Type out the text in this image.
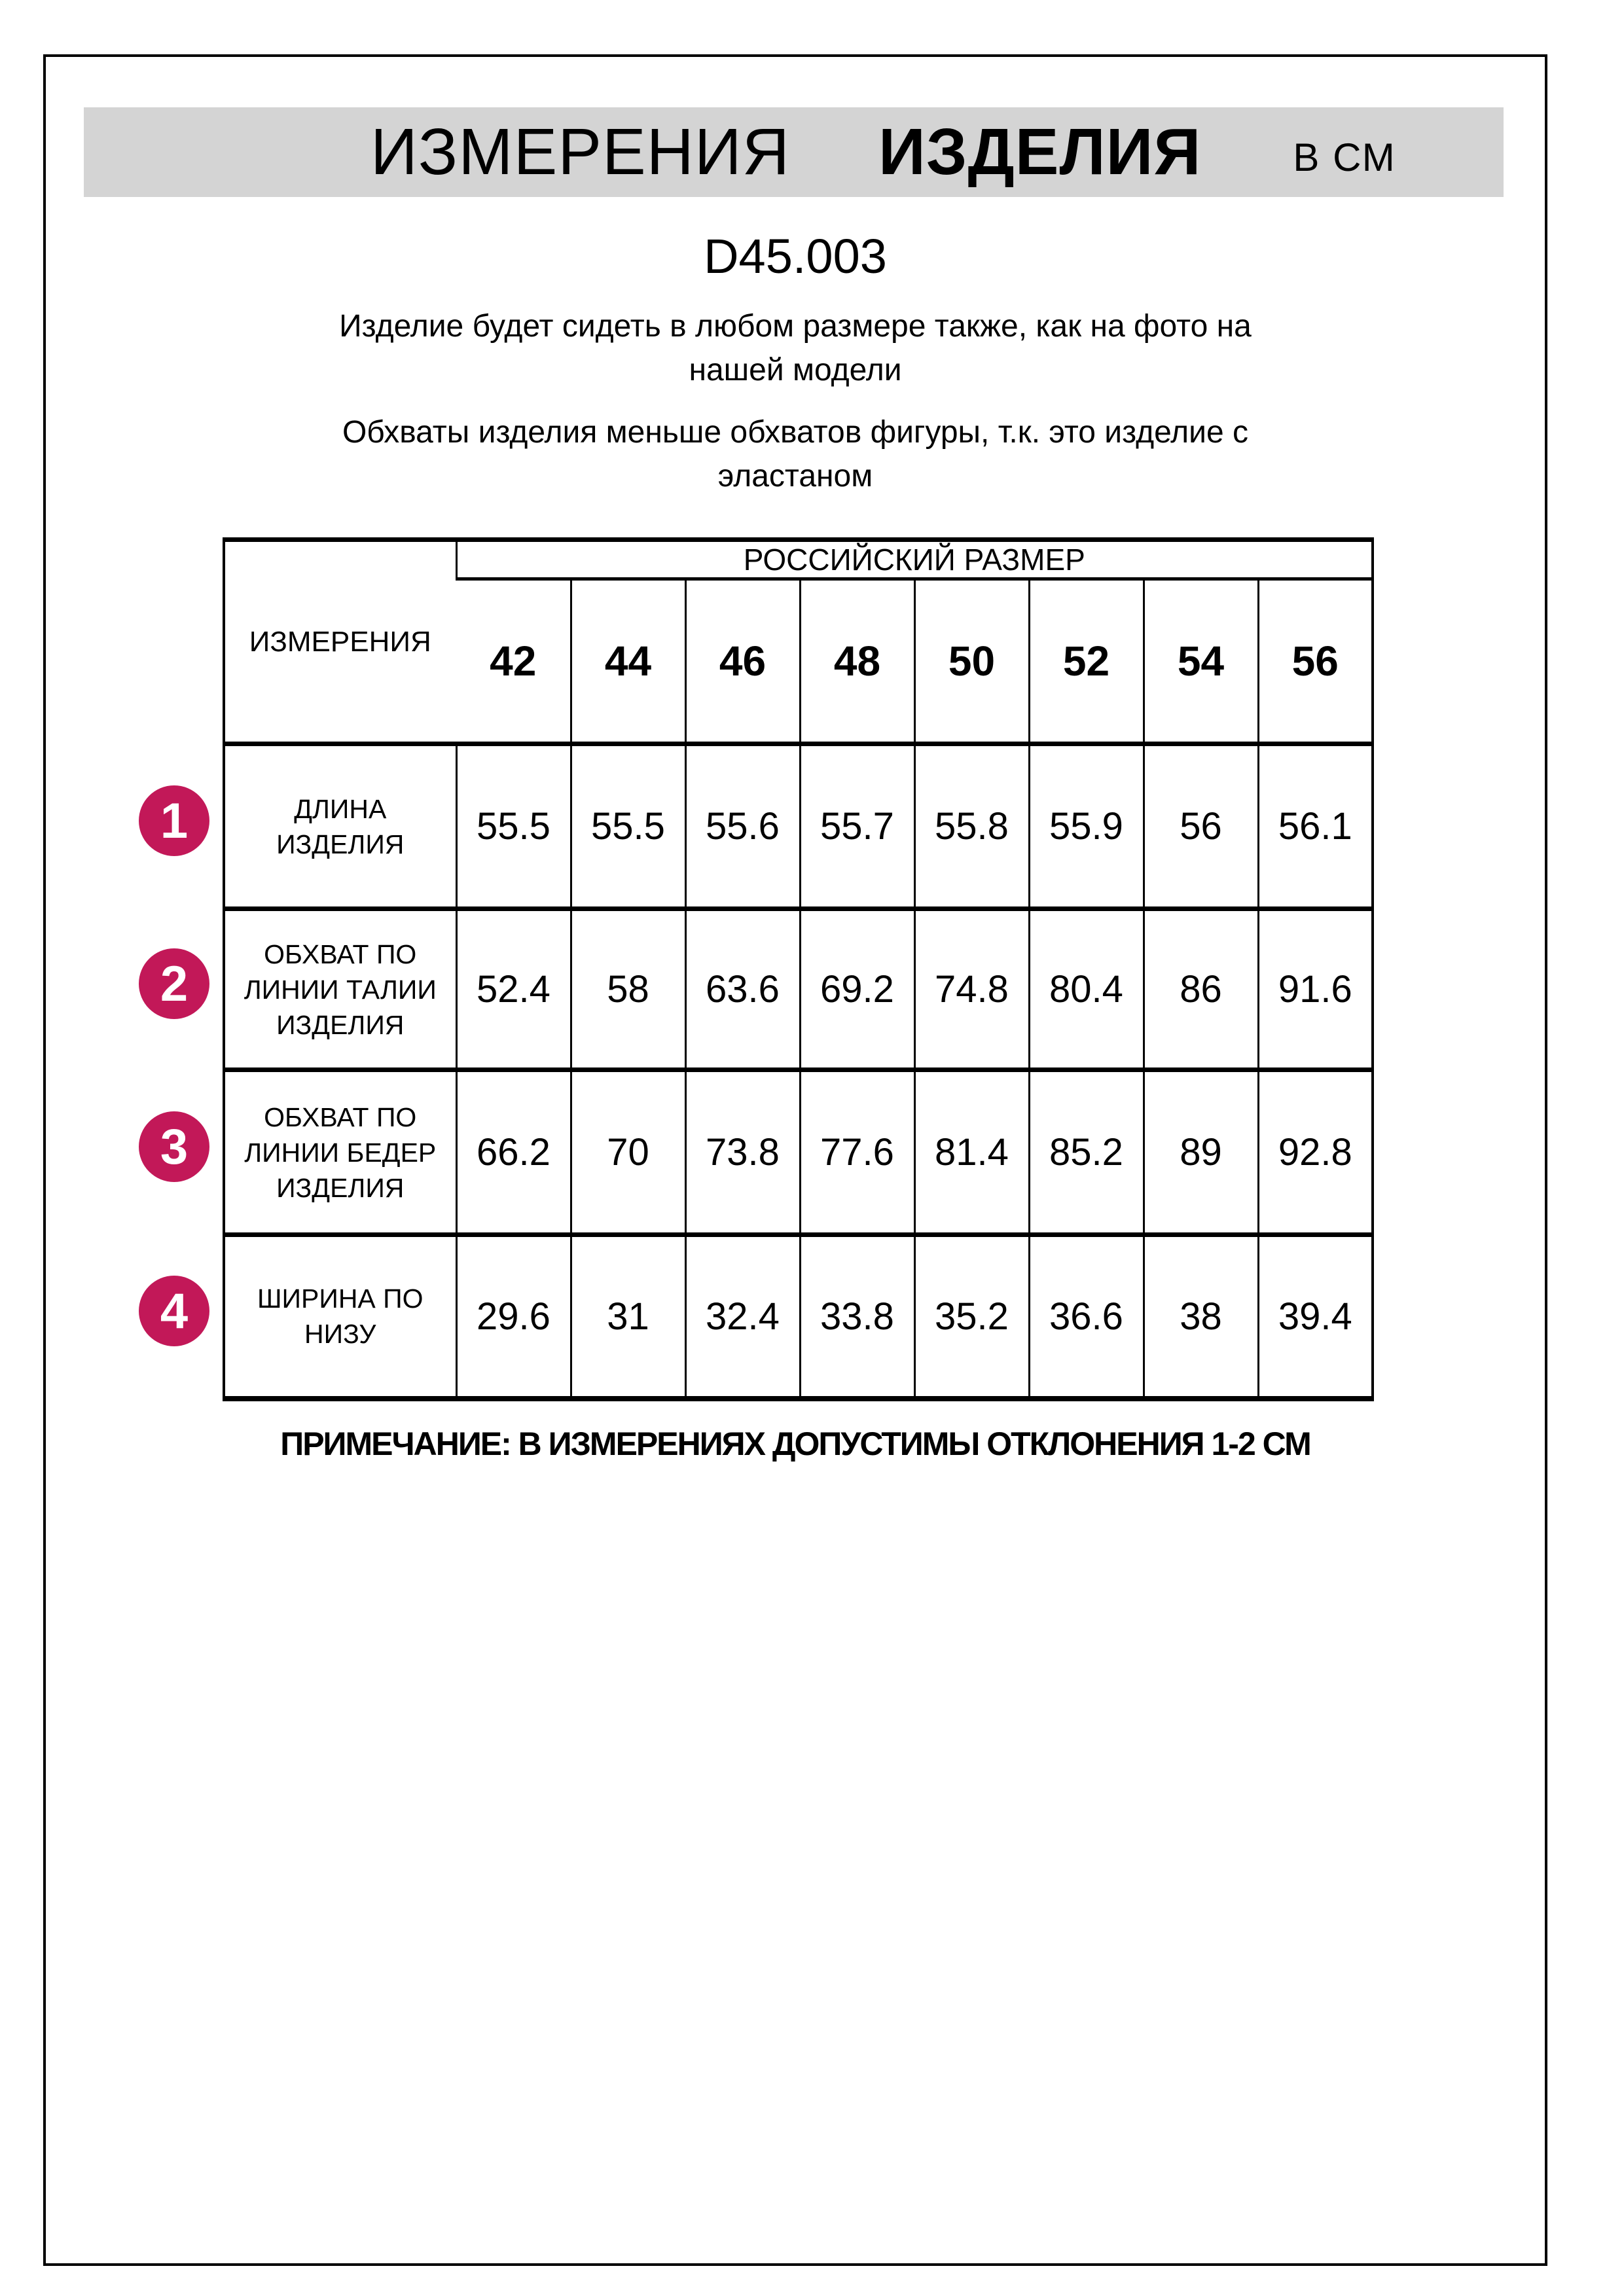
ИЗМЕРЕНИЯ ИЗДЕЛИЯ В СМ
D45.003
Изделие будет сидеть в любом размере также, как на фото на
нашей модели
Обхваты изделия меньше обхватов фигуры, т.к. это изделие с
эластаном
ИЗМЕРЕНИЯ	РОССИЙСКИЙ РАЗМЕР							
	42	44	46	48	50	52	54	56

ДЛИНА
ИЗДЕЛИЯ	55.5	55.5	55.6	55.7	55.8	55.9	56	56.1

ОБХВАТ ПО
ЛИНИИ ТАЛИИ
ИЗДЕЛИЯ	52.4	58	63.6	69.2	74.8	80.4	86	91.6

ОБХВАТ ПО
ЛИНИИ БЕДЕР
ИЗДЕЛИЯ	66.2	70	73.8	77.6	81.4	85.2	89	92.8

ШИРИНА ПО
НИЗУ	29.6	31	32.4	33.8	35.2	36.6	38	39.4
1
2
3
4
ПРИМЕЧАНИЕ: В ИЗМЕРЕНИЯХ ДОПУСТИМЫ ОТКЛОНЕНИЯ 1-2 СМ
